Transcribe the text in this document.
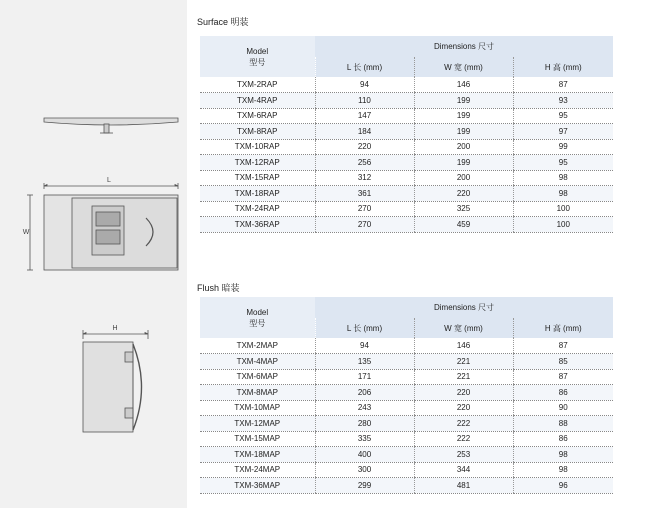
L
W
H
Surface 明装
Model
型号	Dimensions 尺寸		
	L 长 (mm)	W 宽 (mm)	H 高 (mm)
TXM-2RAP	94	146	87
TXM-4RAP	110	199	93
TXM-6RAP	147	199	95
TXM-8RAP	184	199	97
TXM-10RAP	220	200	99
TXM-12RAP	256	199	95
TXM-15RAP	312	200	98
TXM-18RAP	361	220	98
TXM-24RAP	270	325	100
TXM-36RAP	270	459	100
Flush 暗装
Model
型号	Dimensions 尺寸		
	L 长 (mm)	W 宽 (mm)	H 高 (mm)
TXM-2MAP	94	146	87
TXM-4MAP	135	221	85
TXM-6MAP	171	221	87
TXM-8MAP	206	220	86
TXM-10MAP	243	220	90
TXM-12MAP	280	222	88
TXM-15MAP	335	222	86
TXM-18MAP	400	253	98
TXM-24MAP	300	344	98
TXM-36MAP	299	481	96
